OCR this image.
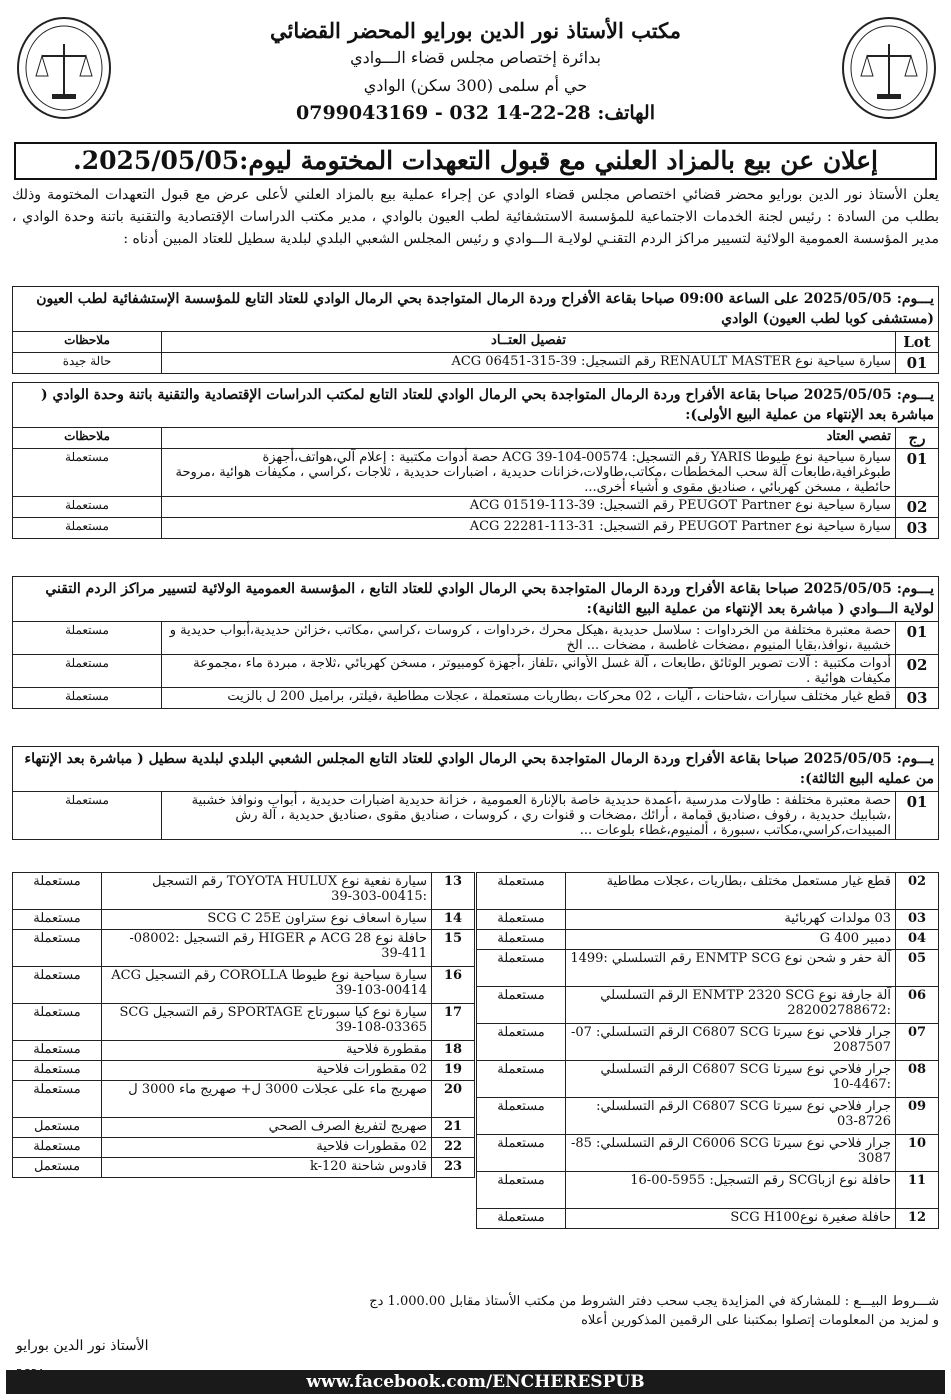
مكتب الأستاذ نور الدين بورايو المحضر القضائي
بدائرة إختصاص مجلس قضاء الـــوادي
حي أم سلمى (300 سكن) الوادي
الهاتف: 28-22-14 032 - 0799043169
إعلان عن بيع بالمزاد العلني مع قبول التعهدات المختومة ليوم:2025/05/05.
يعلن الأستاذ نور الدين بورايو محضر قضائي اختصاص مجلس قضاء الوادي عن إجراء عملية بيع بالمزاد العلني لأعلى عرض مع قبول التعهدات المختومة وذلك بطلب من السادة : رئيس لجنة الخدمات الاجتماعية للمؤسسة الاستشفائية لطب العيون بالوادي ، مدير مكتب الدراسات الإقتصادية والتقنية باتنة وحدة الوادي ، مدير المؤسسة العمومية الولائية لتسيير مراكز الردم التقنـي لولايـة الـــوادي و رئيس المجلس الشعبي البلدي لبلدية سطيل للعتاد المبين أدناه :
يـــوم: 2025/05/05 على الساعة 09:00 صباحا بقاعة الأفراح وردة الرمال المتواجدة بحي الرمال الوادي للعتاد التابع للمؤسسة الإستشفائية لطب العيون (مستشفى كوبا لطب العيون) الوادي
Lot	تفصيل العتــاد	ملاحظات
01	سيارة سياحية نوع RENAULT MASTER رقم التسجيل: ACG 06451-315-39	حالة جيدة
يـــوم: 2025/05/05 صباحا بقاعة الأفراح وردة الرمال المتواجدة بحي الرمال الوادي للعتاد التابع لمكتب الدراسات الإقتصادية والتقنية باتنة وحدة الوادي ( مباشرة بعد الإنتهاء من عملية البيع الأولى):
رج	تفصي العتاد	ملاحظات
01	سيارة سياحية نوع طيوطا YARIS رقم التسجيل: ACG 39-104-00574 حصة أدوات مكتبية : إعلام آلي،هواتف،أجهزة طبوغرافية،طابعات آلة سحب المخططات ،مكاتب،طاولات،خزانات حديدية ، اضبارات حديدية ، ثلاجات ،كراسي ، مكيفات هوائية ،مروحة حائطية ، مسخن كهربائي ، صناديق مقوى و أشياء أخرى...	مستعملة
02	سيارة سياحية نوع PEUGOT Partner رقم التسجيل: ACG 01519-113-39	مستعملة
03	سيارة سياحية نوع PEUGOT Partner رقم التسجيل: ACG 22281-113-31	مستعملة
يـــوم: 2025/05/05 صباحا بقاعة الأفراح وردة الرمال المتواجدة بحي الرمال الوادي للعتاد التابع ، المؤسسة العمومية الولائية لتسيير مراكز الردم التقني لولاية الـــوادي ( مباشرة بعد الإنتهاء من عملية البيع الثانية):
01	حصة معتبرة مختلفة من الخرداوات : سلاسل حديدية ،هيكل محرك ،خرداوات ، كروسات ،كراسي ،مكاتب ،خزائن حديدية،أبواب حديدية و خشبية ،نوافذ،بقايا المنيوم ،مضخات غاطسة ، مضخات ... الخ	مستعملة
02	أدوات مكتبية : آلات تصوير الوثائق ،طابعات ، آلة غسل الأواني ،تلفاز ،أجهزة كومبيوتر ، مسخن كهربائي ،ثلاجة ، مبردة ماء ،مجموعة مكيفات هوائية .	مستعملة
03	قطع غيار مختلف سيارات ،شاحنات ، آليات ، 02 محركات ،بطاريات مستعملة ، عجلات مطاطية ،فيلتر، براميل 200 ل بالزيت	مستعملة
يـــوم: 2025/05/05 صباحا بقاعة الأفراح وردة الرمال المتواجدة بحي الرمال الوادي للعتاد التابع المجلس الشعبي البلدي لبلدية سطيل ( مباشرة بعد الإنتهاء من عمليه البيع الثالثة):
01	حصة معتبرة مختلفة : طاولات مدرسية ،أعمدة حديدية خاصة بالإنارة العمومية ، خزانة حديدية اضبارات حديدية ، أبواب ونوافذ خشبية ،شبابيك حديدية ، رفوف ،صناديق قمامة ، أرائك ،مضخات و قنوات ري ، كروسات ، صناديق مقوى ،صناديق حديدية ، آلة رش المبيدات،كراسي،مكاتب ،سبورة ، ألمنيوم،غطاء بلوعات ...	مستعملة
02	قطع غيار مستعمل مختلف ،بطاريات ،عجلات مطاطية	مستعملة
03	03 مولدات كهربائية	مستعملة
04	دمبير 400 G	مستعملة
05	آلة حفر و شحن نوع ENMTP SCG رقم التسلسلي :1499	مستعملة
06	آلة جارفة نوع ENMTP 2320 SCG الرقم التسلسلي :282002788672	مستعملة
07	جرار فلاحي نوع سيرتا C6807 SCG الرقم التسلسلي: 07-2087507	مستعملة
08	جرار فلاحي نوع سيرتا C6807 SCG الرقم التسلسلي :4467-10	مستعملة
09	جرار فلاحي نوع سيرتا C6807 SCG الرقم التسلسلي: 8726-03	مستعملة
10	جرار فلاحي نوع سيرتا C6006 SCG الرقم التسلسلي: 85-3087	مستعملة
11	حافلة نوع ازباSCG رقم التسجيل: 5955-00-16	مستعملة
12	حافلة صغيرة نوعSCG H100	مستعملة
13	سيارة نفعية نوع TOYOTA HULUX رقم التسجيل :00415-303-39	مستعملة
14	سيارة اسعاف نوع ستراون SCG C 25E	مستعملة
15	حافلة نوع 28 ACG م HIGER رقم التسجيل :08002-411-39	مستعملة
16	سيارة سياحية نوع طيوطا COROLLA رقم التسجيل ACG 39-103-00414	مستعملة
17	سيارة نوع كيا سبورتاج SPORTAGE رقم التسجيل SCG 39-108-03365	مستعملة
18	مقطورة فلاحية	مستعملة
19	02 مقطورات فلاحية	مستعملة
20	صهريج ماء على عجلات 3000 ل+ صهريج ماء 3000 ل	مستعملة
21	صهريج لتفريغ الصرف الصحي	مستعمل
22	02 مقطورات فلاحية	مستعملة
23	قادوس شاحنة k-120	مستعمل
شـــروط البيـــع : للمشاركة في المزايدة يجب سحب دفتر الشروط من مكتب الأستاذ مقابل 1.000.00 دج
و لمزيد من المعلومات إتصلوا بمكتبنا على الرقمين المذكورين أعلاه
الأستاذ نور الدين بورايو
www.facebook.com/ENCHERESPUB
